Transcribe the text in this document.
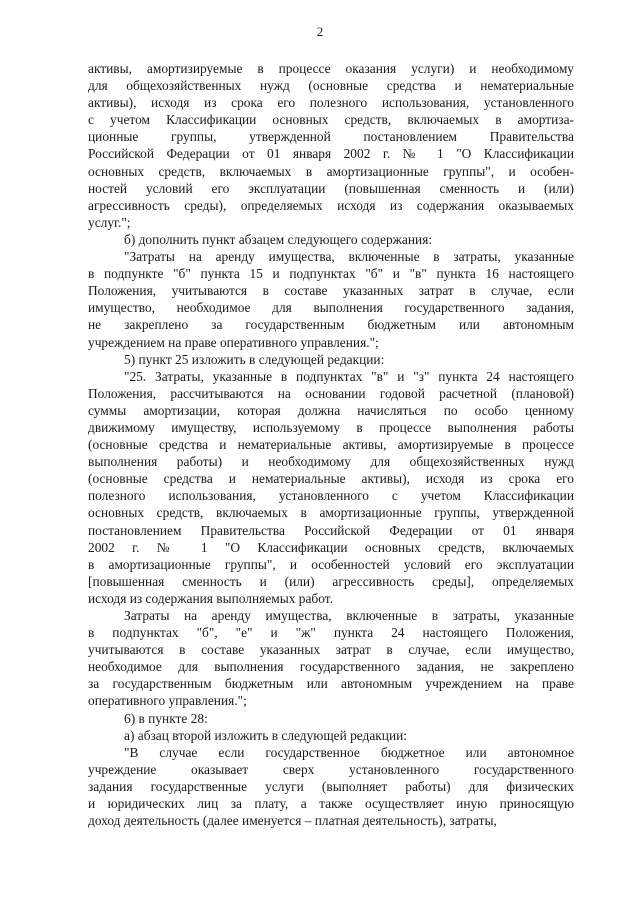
2
активы, амортизируемые в процессе оказания услуги) и необходимому
для общехозяйственных нужд (основные средства и нематериальные
активы), исходя из срока его полезного использования, установленного
с учетом Классификации основных средств, включаемых в амортиза-
ционные группы, утвержденной постановлением Правительства
Российской Федерации от 01 января 2002 г. № 1 "О Классификации
основных средств, включаемых в амортизационные группы", и особен-
ностей условий его эксплуатации (повышенная сменность и (или)
агрессивность среды), определяемых исходя из содержания оказываемых
услуг.";
б) дополнить пункт абзацем следующего содержания:
"Затраты на аренду имущества, включенные в затраты, указанные
в подпункте "б" пункта 15 и подпунктах "б" и "в" пункта 16 настоящего
Положения, учитываются в составе указанных затрат в случае, если
имущество, необходимое для выполнения государственного задания,
не закреплено за государственным бюджетным или автономным
учреждением на праве оперативного управления.";
5) пункт 25 изложить в следующей редакции:
"25. Затраты, указанные в подпунктах "в" и "з" пункта 24 настоящего
Положения, рассчитываются на основании годовой расчетной (плановой)
суммы амортизации, которая должна начисляться по особо ценному
движимому имуществу, используемому в процессе выполнения работы
(основные средства и нематериальные активы, амортизируемые в процессе
выполнения работы) и необходимому для общехозяйственных нужд
(основные средства и нематериальные активы), исходя из срока его
полезного использования, установленного с учетом Классификации
основных средств, включаемых в амортизационные группы, утвержденной
постановлением Правительства Российской Федерации от 01 января
2002 г. № 1 "О Классификации основных средств, включаемых
в амортизационные группы", и особенностей условий его эксплуатации
[повышенная сменность и (или) агрессивность среды], определяемых
исходя из содержания выполняемых работ.
Затраты на аренду имущества, включенные в затраты, указанные
в подпунктах "б", "е" и "ж" пункта 24 настоящего Положения,
учитываются в составе указанных затрат в случае, если имущество,
необходимое для выполнения государственного задания, не закреплено
за государственным бюджетным или автономным учреждением на праве
оперативного управления.";
6) в пункте 28:
а) абзац второй изложить в следующей редакции:
"В случае если государственное бюджетное или автономное
учреждение оказывает сверх установленного государственного
задания государственные услуги (выполняет работы) для физических
и юридических лиц за плату, а также осуществляет иную приносящую
доход деятельность (далее именуется – платная деятельность), затраты,
